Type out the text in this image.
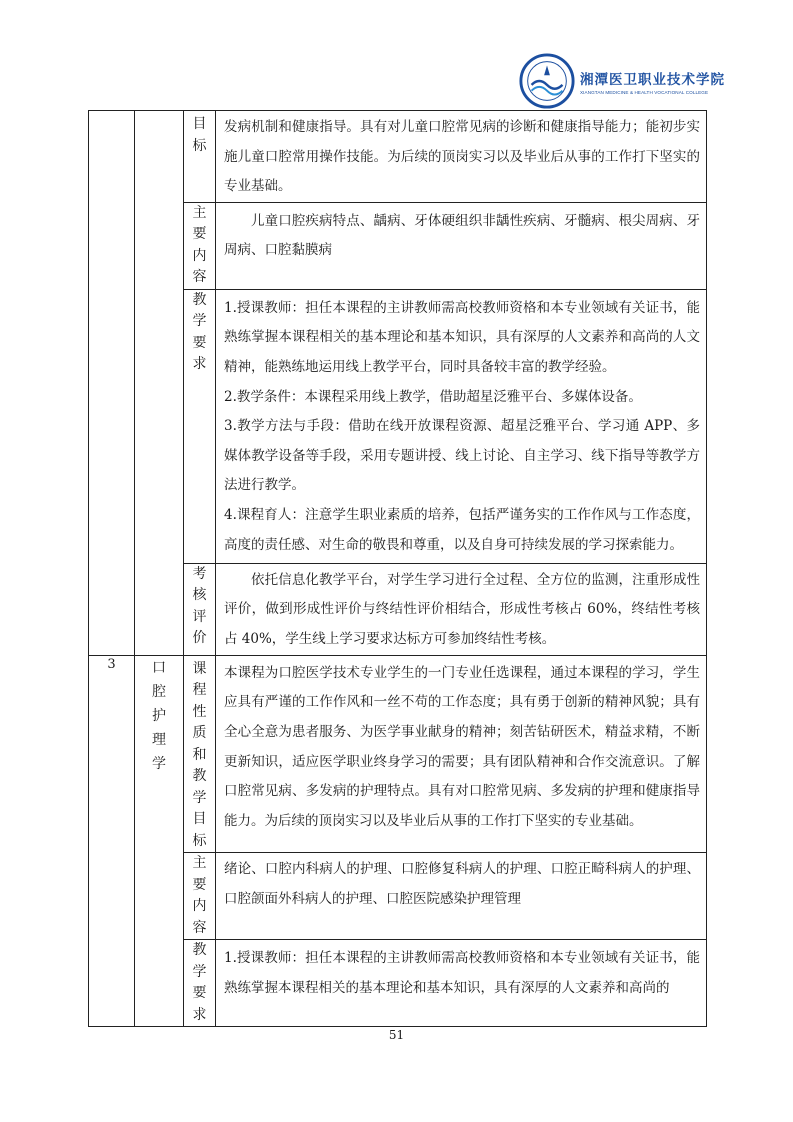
湘潭医卫职业技术学院
XIANGTAN MEDICINE & HEALTH VOCATIONAL COLLEGE
		目标	发病机制和健康指导。具有对儿童口腔常见病的诊断和健康指导能力；能初步实施儿童口腔常用操作技能。为后续的顶岗实习以及毕业后从事的工作打下坚实的专业基础。

		主要内容	儿童口腔疾病特点、龋病、牙体硬组织非龋性疾病、牙髓病、根尖周病、牙周病、口腔黏膜病

		教学要求	1.授课教师：担任本课程的主讲教师需高校教师资格和本专业领域有关证书，能熟练掌握本课程相关的基本理论和基本知识，具有深厚的人文素养和高尚的人文精神，能熟练地运用线上教学平台，同时具备较丰富的教学经验。

2.教学条件：本课程采用线上教学，借助超星泛雅平台、多媒体设备。

3.教学方法与手段：借助在线开放课程资源、超星泛雅平台、学习通 APP、多媒体教学设备等手段，采用专题讲授、线上讨论、自主学习、线下指导等教学方法进行教学。

4.课程育人：注意学生职业素质的培养，包括严谨务实的工作作风与工作态度，高度的责任感、对生命的敬畏和尊重，以及自身可持续发展的学习探索能力。

		考核评价	依托信息化教学平台，对学生学习进行全过程、全方位的监测，注重形成性评价，做到形成性评价与终结性评价相结合，形成性考核占 60%，终结性考核占 40%，学生线上学习要求达标方可参加终结性考核。

3	口腔护理学	课程性质和教学目标	本课程为口腔医学技术专业学生的一门专业任选课程，通过本课程的学习，学生应具有严谨的工作作风和一丝不苟的工作态度；具有勇于创新的精神风貌；具有全心全意为患者服务、为医学事业献身的精神；刻苦钻研医术，精益求精，不断更新知识，适应医学职业终身学习的需要；具有团队精神和合作交流意识。了解口腔常见病、多发病的护理特点。具有对口腔常见病、多发病的护理和健康指导能力。为后续的顶岗实习以及毕业后从事的工作打下坚实的专业基础。

		主要内容	绪论、口腔内科病人的护理、口腔修复科病人的护理、口腔正畸科病人的护理、口腔颌面外科病人的护理、口腔医院感染护理管理

		教学要求	1.授课教师：担任本课程的主讲教师需高校教师资格和本专业领域有关证书，能熟练掌握本课程相关的基本理论和基本知识，具有深厚的人文素养和高尚的
51
